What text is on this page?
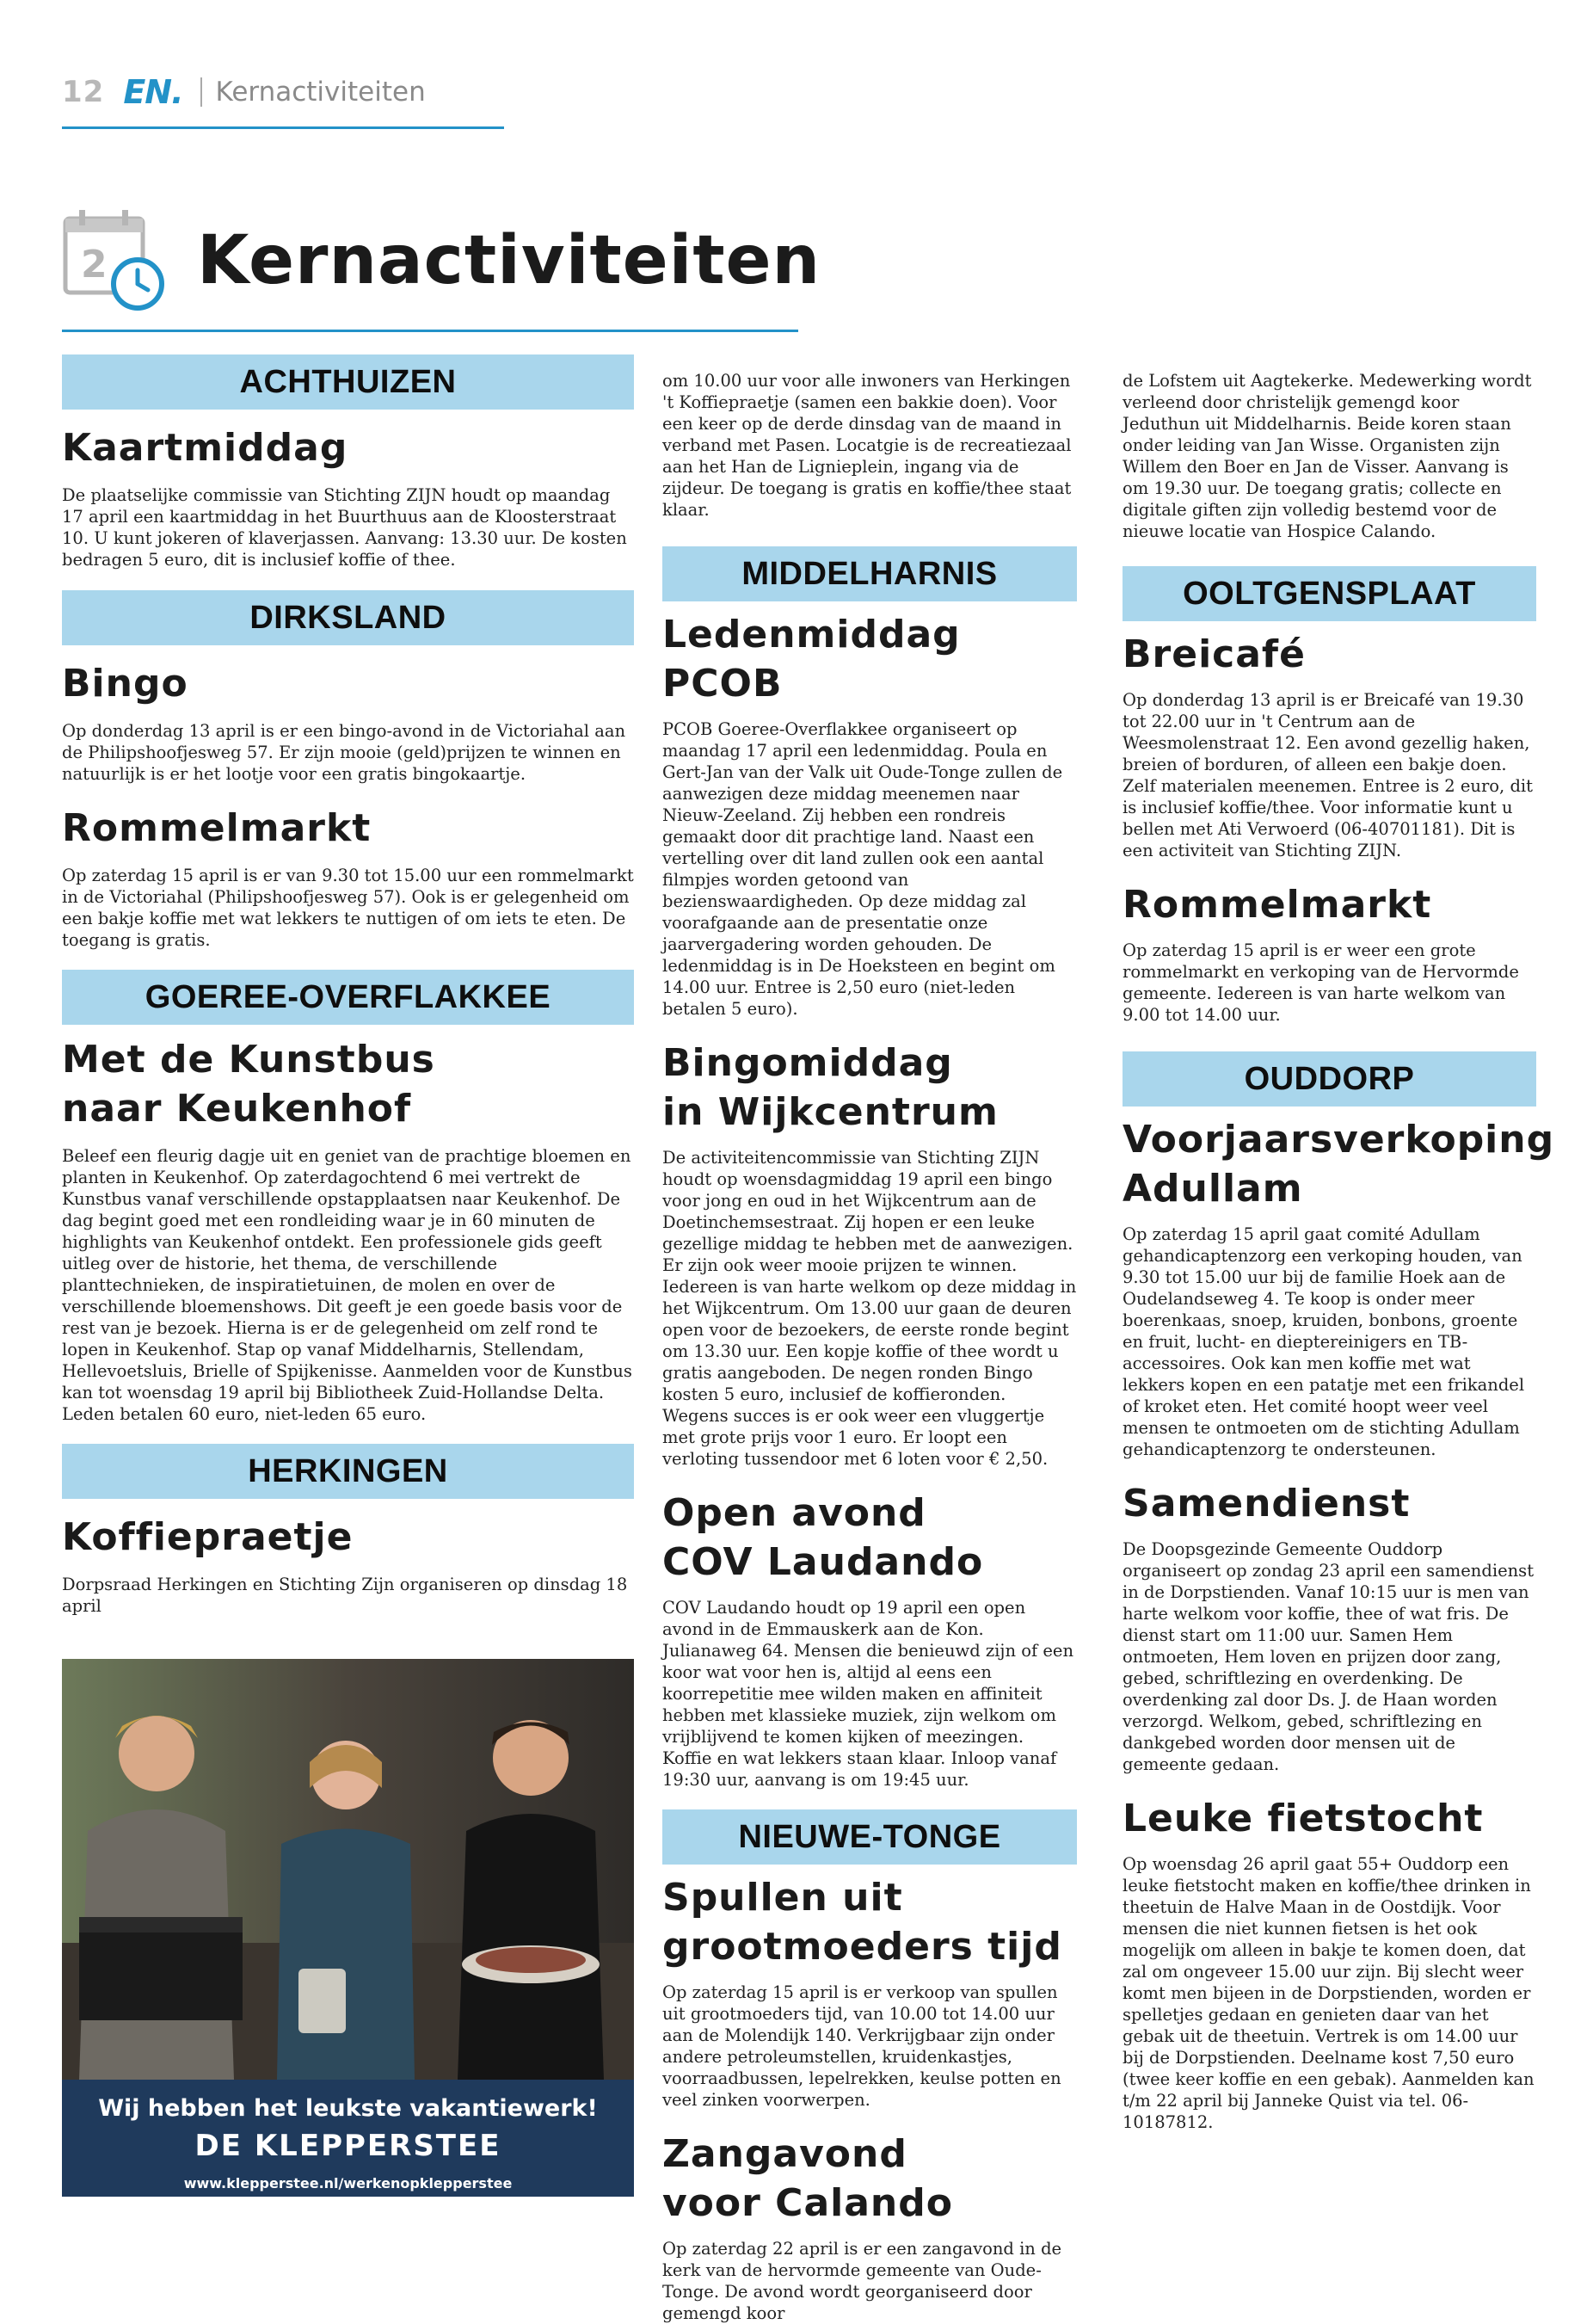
12 EN. Kernactiviteiten
2 Kernactiviteiten
ACHTHUIZEN
Kaartmiddag

De plaatselijke commissie van Stichting ZIJN houdt op maandag 17 april een kaartmiddag in het Buurthuus aan de Kloosterstraat 10. U kunt jokeren of klaverjassen. Aanvang: 13.30 uur. De kosten bedragen 5 euro, dit is inclusief koffie of thee.

DIRKSLAND
Bingo

Op donderdag 13 april is er een bingo-avond in de Victoriahal aan de Philipshoofjesweg 57. Er zijn mooie (geld)prijzen te winnen en natuurlijk is er het lootje voor een gratis bingokaartje.

Rommelmarkt

Op zaterdag 15 april is er van 9.30 tot 15.00 uur een rommelmarkt in de Victoriahal (Philipshoofjesweg 57). Ook is er gelegenheid om een bakje koffie met wat lekkers te nuttigen of om iets te eten. De toegang is gratis.

GOEREE-OVERFLAKKEE
Met de Kunstbus
naar Keukenhof

Beleef een fleurig dagje uit en geniet van de prachtige bloemen en planten in Keukenhof. Op zaterdagochtend 6 mei vertrekt de Kunstbus vanaf verschillende opstapplaatsen naar Keukenhof. De dag begint goed met een rondleiding waar je in 60 minuten de highlights van Keukenhof ontdekt. Een professionele gids geeft uitleg over de historie, het thema, de verschillende planttechnieken, de inspiratietuinen, de molen en over de verschillende bloemenshows. Dit geeft je een goede basis voor de rest van je bezoek. Hierna is er de gelegenheid om zelf rond te lopen in Keukenhof. Stap op vanaf Middelharnis, Stellendam, Hellevoetsluis, Brielle of Spijkenisse. Aanmelden voor de Kunstbus kan tot woensdag 19 april bij Bibliotheek Zuid-Hollandse Delta. Leden betalen 60 euro, niet-leden 65 euro.

HERKINGEN
Koffiepraetje

Dorpsraad Herkingen en Stichting Zijn organiseren op dinsdag 18 april

Wij hebben het leukste vakantiewerk!
DE KLEPPERSTEE
www.klepperstee.nl/werkenopklepperstee

om 10.00 uur voor alle inwoners van Herkingen 't Koffiepraetje (samen een bakkie doen). Voor een keer op de derde dinsdag van de maand in verband met Pasen. Locatgie is de recreatiezaal aan het Han de Lignieplein, ingang via de zijdeur. De toegang is gratis en koffie/thee staat klaar.

MIDDELHARNIS
Ledenmiddag PCOB

PCOB Goeree-Overflakkee organiseert op maandag 17 april een ledenmiddag. Poula en Gert-Jan van der Valk uit Oude-Tonge zullen de aanwezigen deze middag meenemen naar Nieuw-Zeeland. Zij hebben een rondreis gemaakt door dit prachtige land. Naast een vertelling over dit land zullen ook een aantal filmpjes worden getoond van bezienswaardigheden. Op deze middag zal voorafgaande aan de presentatie onze jaarvergadering worden gehouden. De ledenmiddag is in De Hoeksteen en begint om 14.00 uur. Entree is 2,50 euro (niet-leden betalen 5 euro).

Bingomiddag
in Wijkcentrum

De activiteitencommissie van Stichting ZIJN houdt op woensdagmiddag 19 april een bingo voor jong en oud in het Wijkcentrum aan de Doetinchemsestraat. Zij hopen er een leuke gezellige middag te hebben met de aanwezigen. Er zijn ook weer mooie prijzen te winnen. Iedereen is van harte welkom op deze middag in het Wijkcentrum. Om 13.00 uur gaan de deuren open voor de bezoekers, de eerste ronde begint om 13.30 uur. Een kopje koffie of thee wordt u gratis aangeboden. De negen ronden Bingo kosten 5 euro, inclusief de koffieronden. Wegens succes is er ook weer een vluggertje met grote prijs voor 1 euro. Er loopt een verloting tussendoor met 6 loten voor € 2,50.

Open avond
COV Laudando

COV Laudando houdt op 19 april een open avond in de Emmauskerk aan de Kon. Julianaweg 64. Mensen die benieuwd zijn of een koor wat voor hen is, altijd al eens een koorrepetitie mee wilden maken en affiniteit hebben met klassieke muziek, zijn welkom om vrijblijvend te komen kijken of meezingen. Koffie en wat lekkers staan klaar. Inloop vanaf 19:30 uur, aanvang is om 19:45 uur.

NIEUWE-TONGE
Spullen uit
grootmoeders tijd

Op zaterdag 15 april is er verkoop van spullen uit grootmoeders tijd, van 10.00 tot 14.00 uur aan de Molendijk 140. Verkrijgbaar zijn onder andere petroleumstellen, kruidenkastjes, voorraadbussen, lepelrekken, keulse potten en veel zinken voorwerpen.

Zangavond
voor Calando

Op zaterdag 22 april is er een zangavond in de kerk van de hervormde gemeente van Oude-Tonge. De avond wordt georganiseerd door gemengd koor

de Lofstem uit Aagtekerke. Medewerking wordt verleend door christelijk gemengd koor Jeduthun uit Middelharnis. Beide koren staan onder leiding van Jan Wisse. Organisten zijn Willem den Boer en Jan de Visser. Aanvang is om 19.30 uur. De toegang gratis; collecte en digitale giften zijn volledig bestemd voor de nieuwe locatie van Hospice Calando.

OOLTGENSPLAAT
Breicafé

Op donderdag 13 april is er Breicafé van 19.30 tot 22.00 uur in 't Centrum aan de Weesmolenstraat 12. Een avond gezellig haken, breien of borduren, of alleen een bakje doen. Zelf materialen meenemen. Entree is 2 euro, dit is inclusief koffie/thee. Voor informatie kunt u bellen met Ati Verwoerd (06-40701181). Dit is een activiteit van Stichting ZIJN.

Rommelmarkt

Op zaterdag 15 april is er weer een grote rommelmarkt en verkoping van de Hervormde gemeente. Iedereen is van harte welkom van 9.00 tot 14.00 uur.

OUDDORP
Voorjaarsverkoping
Adullam

Op zaterdag 15 april gaat comité Adullam gehandicaptenzorg een verkoping houden, van 9.30 tot 15.00 uur bij de familie Hoek aan de Oudelandseweg 4. Te koop is onder meer boerenkaas, snoep, kruiden, bonbons, groente en fruit, lucht- en dieptereinigers en TB-accessoires. Ook kan men koffie met wat lekkers kopen en een patatje met een frikandel of kroket eten. Het comité hoopt weer veel mensen te ontmoeten om de stichting Adullam gehandicaptenzorg te ondersteunen.

Samendienst

De Doopsgezinde Gemeente Ouddorp organiseert op zondag 23 april een samendienst in de Dorpstienden. Vanaf 10:15 uur is men van harte welkom voor koffie, thee of wat fris. De dienst start om 11:00 uur. Samen Hem ontmoeten, Hem loven en prijzen door zang, gebed, schriftlezing en overdenking. De overdenking zal door Ds. J. de Haan worden verzorgd. Welkom, gebed, schriftlezing en dankgebed worden door mensen uit de gemeente gedaan.

Leuke fietstocht

Op woensdag 26 april gaat 55+ Ouddorp een leuke fietstocht maken en koffie/thee drinken in theetuin de Halve Maan in de Oostdijk. Voor mensen die niet kunnen fietsen is het ook mogelijk om alleen in bakje te komen doen, dat zal om ongeveer 15.00 uur zijn. Bij slecht weer komt men bijeen in de Dorpstienden, worden er spelletjes gedaan en genieten daar van het gebak uit de theetuin. Vertrek is om 14.00 uur bij de Dorpstienden. Deelname kost 7,50 euro (twee keer koffie en een gebak). Aanmelden kan t/m 22 april bij Janneke Quist via tel. 06-10187812.
